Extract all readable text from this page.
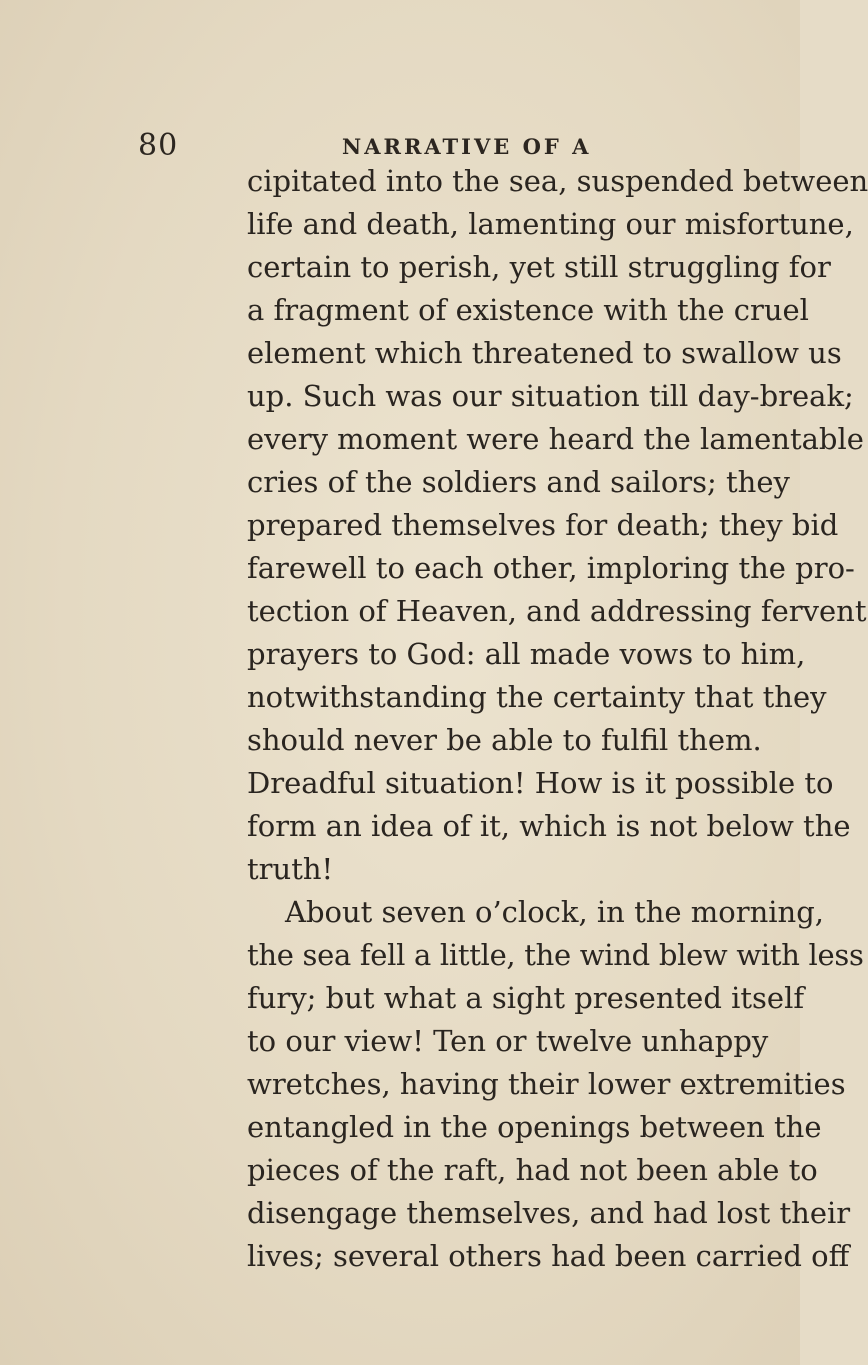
80	NARRATIVE OF A
cipitated into the sea, suspended between
life and death, lamenting our misfortune,
certain to perish, yet still struggling for
a fragment of existence with the cruel
element which threatened to swallow us
up. Such was our situation till day-break;
every moment were heard the lamentable
cries of the soldiers and sailors; they
prepared themselves for death; they bid
farewell to each other, imploring the pro-
tection of Heaven, and addressing fervent
prayers to God: all made vows to him,
notwithstanding the certainty that they
should never be able to fulfil them.
Dreadful situation! How is it possible to
form an idea of it, which is not below the
truth!
About seven o’clock, in the morning,
the sea fell a little, the wind blew with less
fury; but what a sight presented itself
to our view! Ten or twelve unhappy
wretches, having their lower extremities
entangled in the openings between the
pieces of the raft, had not been able to
disengage themselves, and had lost their
lives; several others had been carried off
